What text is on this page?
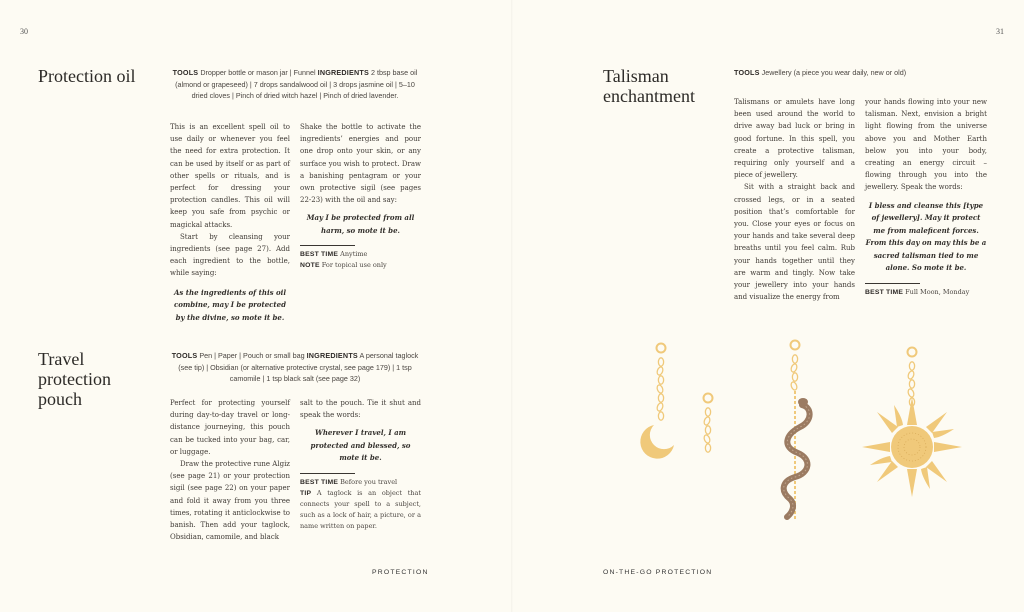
30
Protection oil	TOOLS Dropper bottle or mason jar | Funnel INGREDIENTS 2 tbsp base oil (almond or grapeseed) | 7 drops sandalwood oil | 3 drops jasmine oil | 5–10 dried cloves | Pinch of dried witch hazel | Pinch of dried lavender.

This is an excellent spell oil to use daily or whenever you feel the need for extra protection. It can be used by itself or as part of other spells or rituals, and is perfect for dressing your protection candles. This oil will keep you safe from psychic or magickal attacks.

Start by cleansing your ingredients (see page 27). Add each ingredient to the bottle, while saying:

As the ingredients of this oil combine, may I be protected by the divine, so mote it be.

Shake the bottle to activate the ingredients’ energies and pour one drop onto your skin, or any surface you wish to protect. Draw a banishing pentagram or your own protective sigil (see pages 22-23) with the oil and say:

May I be protected from all harm, so mote it be.
BEST TIME Anytime
NOTE For topical use only
Travel protection pouch
TOOLS Pen | Paper | Pouch or small bag INGREDIENTS A personal taglock (see tip) | Obsidian (or alternative protective crystal, see page 179) | 1 tsp camomile | 1 tsp black salt (see page 32)

Perfect for protecting yourself during day-to-day travel or long-distance journeying, this pouch can be tucked into your bag, car, or luggage.

Draw the protective rune Algiz (see page 21) or your protection sigil (see page 22) on your paper and fold it away from you three times, rotating it anticlockwise to banish. Then add your taglock, Obsidian, camomile, and black

salt to the pouch. Tie it shut and speak the words:

Wherever I travel, I am protected and blessed, so mote it be.
BEST TIME Before you travel
TIP A taglock is an object that connects your spell to a subject, such as a lock of hair, a picture, or a name written on paper.
PROTECTION
31
Talisman enchantment
TOOLS Jewellery (a piece you wear daily, new or old)

Talismans or amulets have long been used around the world to drive away bad luck or bring in good fortune. In this spell, you create a protective talisman, requiring only yourself and a piece of jewellery.

Sit with a straight back and crossed legs, or in a seated position that’s comfortable for you. Close your eyes or focus on your hands and take several deep breaths until you feel calm. Rub your hands together until they are warm and tingly. Now take your jewellery into your hands and visualize the energy from

your hands flowing into your new talisman. Next, envision a bright light flowing from the universe above you and Mother Earth below you into your body, creating an energy circuit – flowing through you into the jewellery. Speak the words:

I bless and cleanse this [type of jewellery]. May it protect me from maleficent forces. From this day on may this be a sacred talisman tied to me alone. So mote it be.
BEST TIME Full Moon, Monday
ON-THE-GO PROTECTION
